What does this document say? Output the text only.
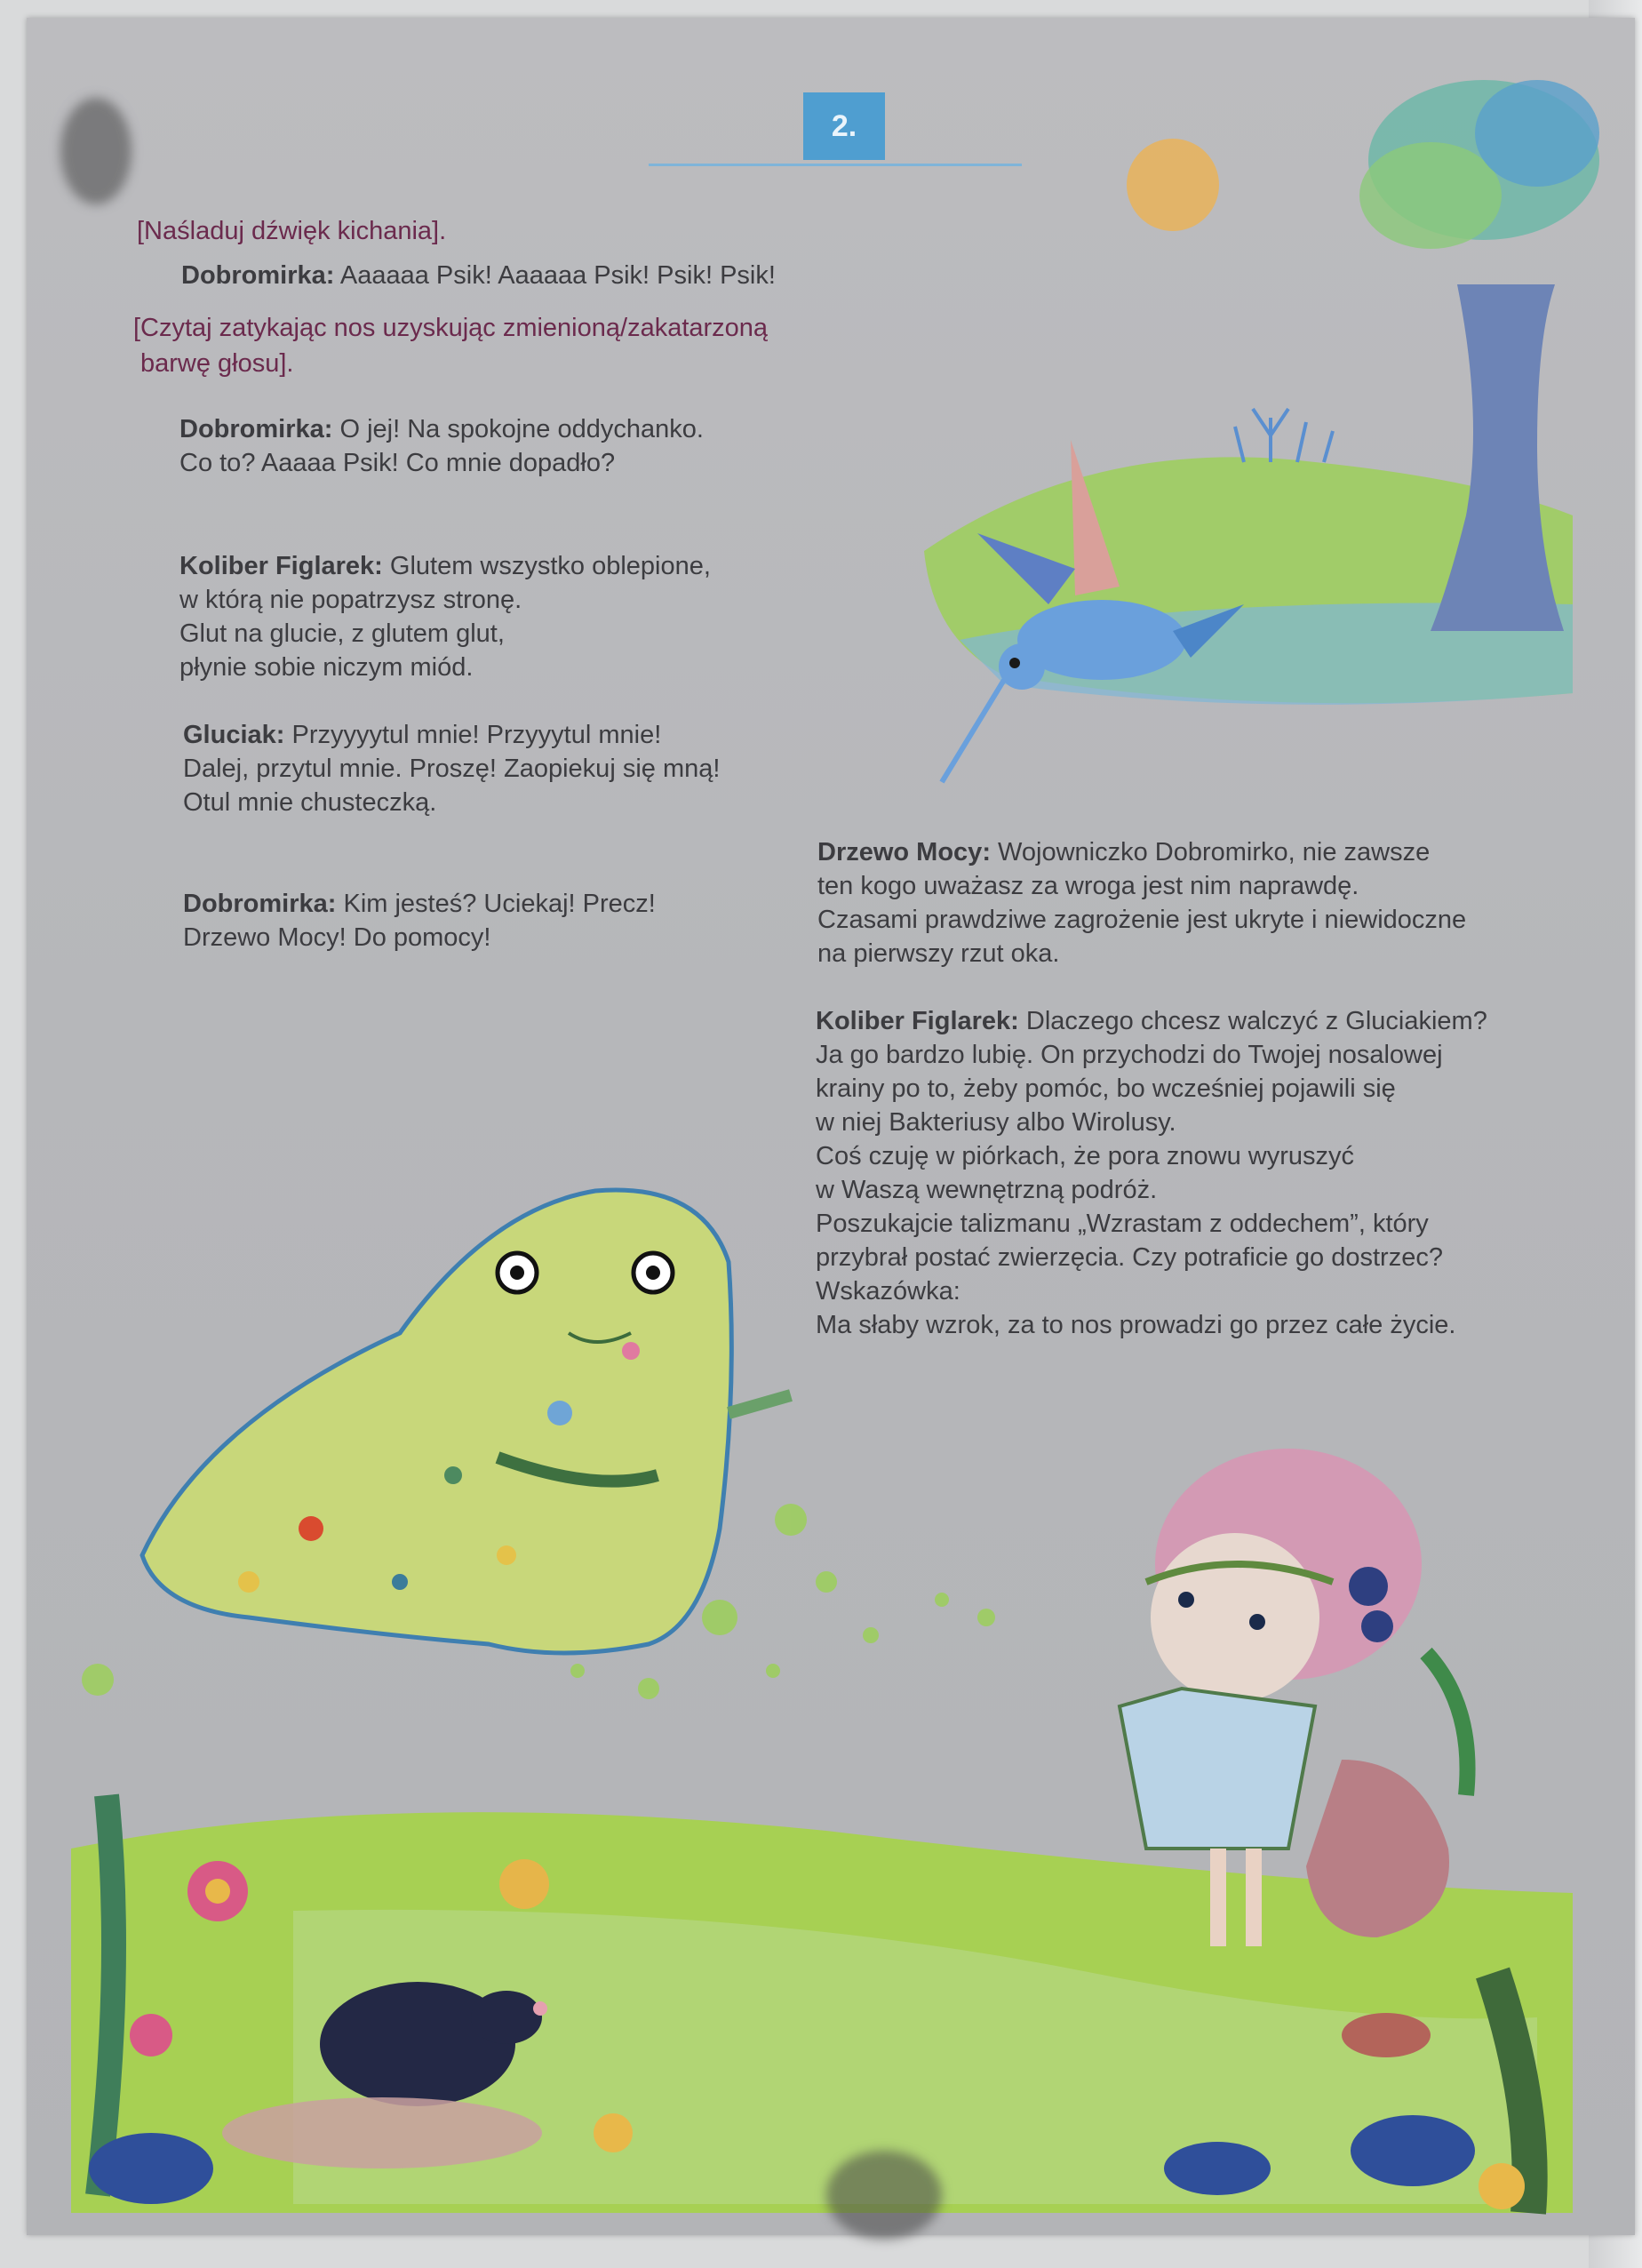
2.
[Naśladuj dźwięk kichania].
Dobromirka: Aaaaaa Psik! Aaaaaa Psik! Psik! Psik!
[Czytaj zatykając nos uzyskując zmienioną/zakatarzoną
barwę głosu].
Dobromirka: O jej! Na spokojne oddychanko.
Co to? Aaaaa Psik! Co mnie dopadło?
Koliber Figlarek: Glutem wszystko oblepione,
w którą nie popatrzysz stronę.
Glut na glucie, z glutem glut,
płynie sobie niczym miód.
Gluciak: Przyyyytul mnie! Przyyytul mnie!
Dalej, przytul mnie. Proszę! Zaopiekuj się mną!
Otul mnie chusteczką.
Dobromirka: Kim jesteś? Uciekaj! Precz!
Drzewo Mocy! Do pomocy!
Drzewo Mocy: Wojowniczko Dobromirko, nie zawsze
ten kogo uważasz za wroga jest nim naprawdę.
Czasami prawdziwe zagrożenie jest ukryte i niewidoczne
na pierwszy rzut oka.
Koliber Figlarek: Dlaczego chcesz walczyć z Gluciakiem?
Ja go bardzo lubię. On przychodzi do Twojej nosalowej
krainy po to, żeby pomóc, bo wcześniej pojawili się
w niej Bakteriusy albo Wirolusy.
Coś czuję w piórkach, że pora znowu wyruszyć
w Waszą wewnętrzną podróż.
Poszukajcie talizmanu „Wzrastam z oddechem”, który
przybrał postać zwierzęcia. Czy potraficie go dostrzec?
Wskazówka:
Ma słaby wzrok, za to nos prowadzi go przez całe życie.
